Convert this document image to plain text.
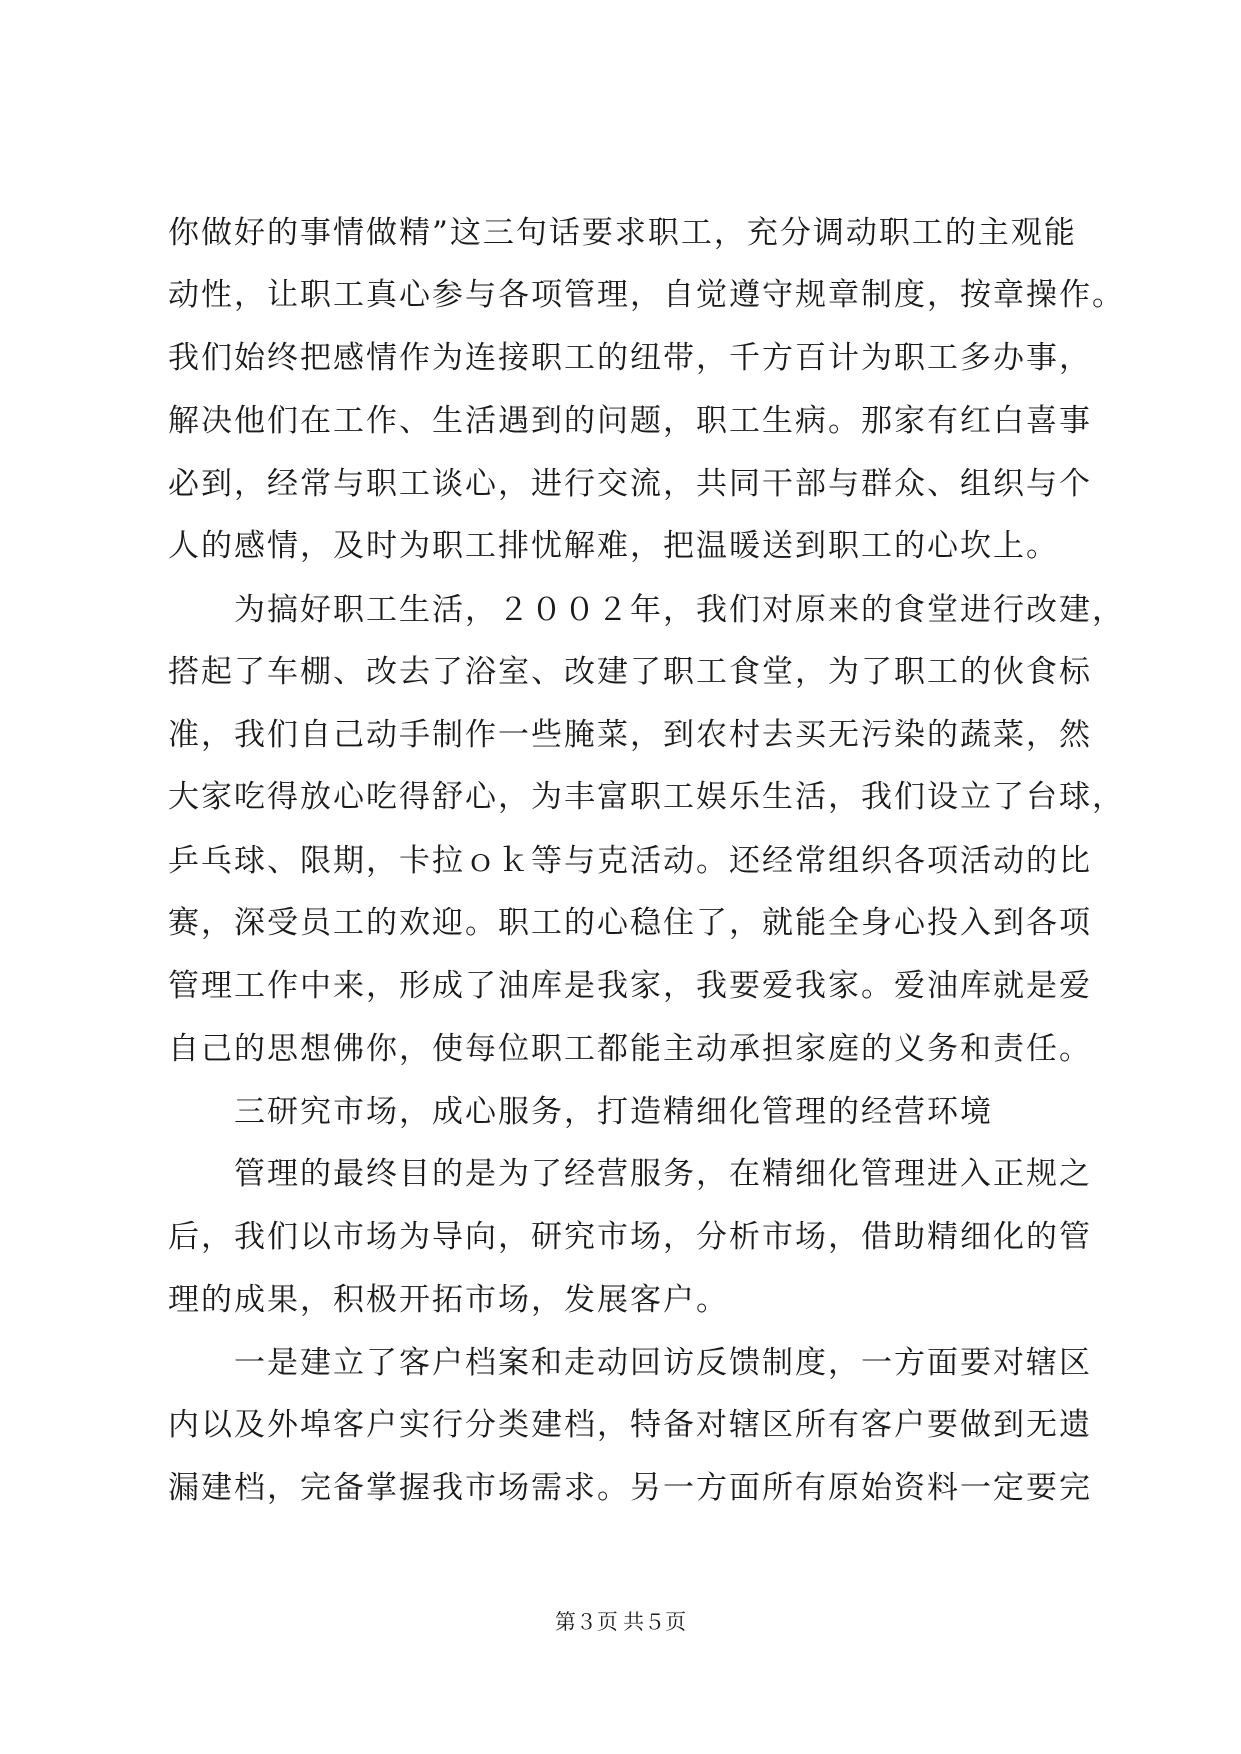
你做好的事情做精”这三句话要求职工，充分调动职工的主观能
动性，让职工真心参与各项管理，自觉遵守规章制度，按章操作。
我们始终把感情作为连接职工的纽带，千方百计为职工多办事，
解决他们在工作、生活遇到的问题，职工生病。那家有红白喜事
必到，经常与职工谈心，进行交流，共同干部与群众、组织与个
人的感情，及时为职工排忧解难，把温暖送到职工的心坎上。
为搞好职工生活，２００２年，我们对原来的食堂进行改建，
搭起了车棚、改去了浴室、改建了职工食堂，为了职工的伙食标
准，我们自己动手制作一些腌菜，到农村去买无污染的蔬菜，然
大家吃得放心吃得舒心，为丰富职工娱乐生活，我们设立了台球，
乒乓球、限期，卡拉ｏｋ等与克活动。还经常组织各项活动的比
赛，深受员工的欢迎。职工的心稳住了，就能全身心投入到各项
管理工作中来，形成了油库是我家，我要爱我家。爱油库就是爱
自己的思想佛你，使每位职工都能主动承担家庭的义务和责任。
三研究市场，成心服务，打造精细化管理的经营环境
管理的最终目的是为了经营服务，在精细化管理进入正规之
后，我们以市场为导向，研究市场，分析市场，借助精细化的管
理的成果，积极开拓市场，发展客户。
一是建立了客户档案和走动回访反馈制度，一方面要对辖区
内以及外埠客户实行分类建档，特备对辖区所有客户要做到无遗
漏建档，完备掌握我市场需求。另一方面所有原始资料一定要完
第３页 共５页
